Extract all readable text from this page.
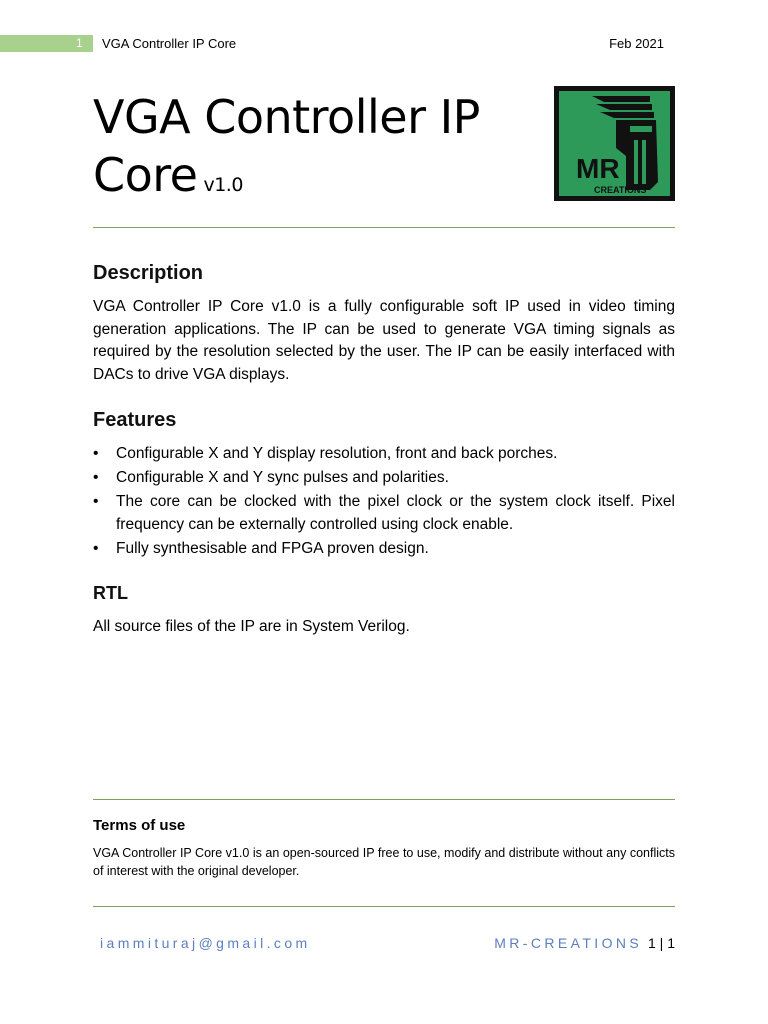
1 VGA Controller IP Core	Feb 2021
VGA Controller IP Core v1.0
MR
CREATIONS
Description

VGA Controller IP Core v1.0 is a fully configurable soft IP used in video timing generation applications. The IP can be used to generate VGA timing signals as required by the resolution selected by the user. The IP can be easily interfaced with DACs to drive VGA displays.

Features
• Configurable X and Y display resolution, front and back porches.
• Configurable X and Y sync pulses and polarities.
• The core can be clocked with the pixel clock or the system clock itself. Pixel frequency can be externally controlled using clock enable.
• Fully synthesisable and FPGA proven design.
RTL

All source files of the IP are in System Verilog.

Terms of use

VGA Controller IP Core v1.0 is an open-sourced IP free to use, modify and distribute without any conflicts of interest with the original developer.

iammituraj@gmail.com	MR-CREATIONS 1 | 1
